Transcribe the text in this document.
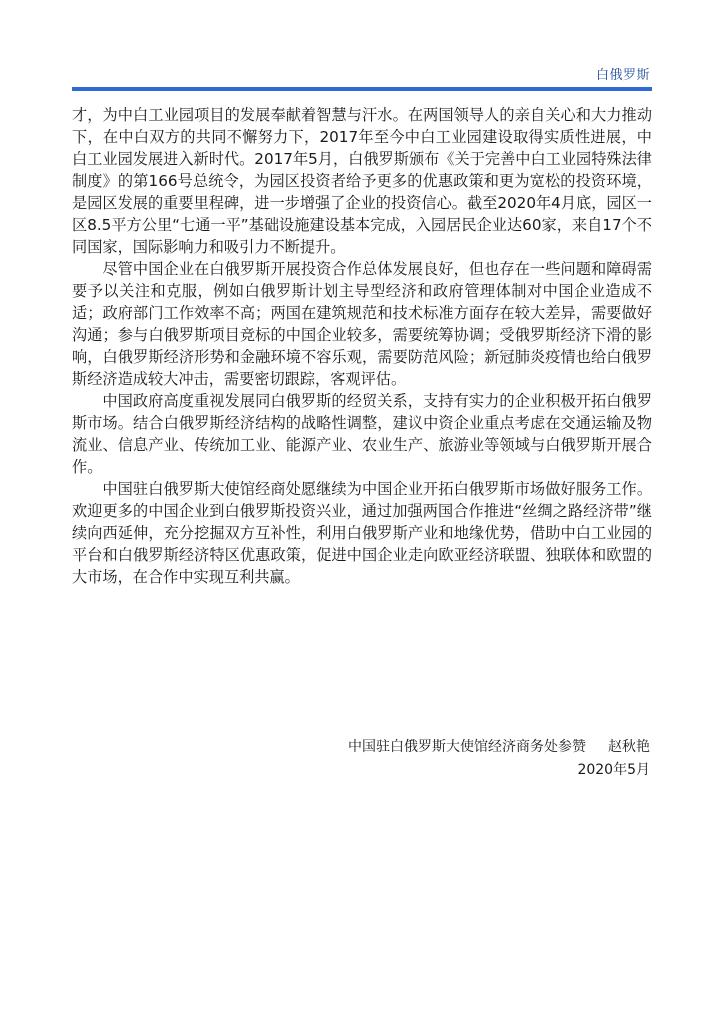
白俄罗斯

才，为中白工业园项目的发展奉献着智慧与汗水。在两国领导人的亲自关心和大力推动下，在中白双方的共同不懈努力下，2017年至今中白工业园建设取得实质性进展，中白工业园发展进入新时代。2017年5月，白俄罗斯颁布《关于完善中白工业园特殊法律制度》的第166号总统令，为园区投资者给予更多的优惠政策和更为宽松的投资环境，是园区发展的重要里程碑，进一步增强了企业的投资信心。截至2020年4月底，园区一区8.5平方公里“七通一平”基础设施建设基本完成，入园居民企业达60家，来自17个不同国家，国际影响力和吸引力不断提升。

尽管中国企业在白俄罗斯开展投资合作总体发展良好，但也存在一些问题和障碍需要予以关注和克服，例如白俄罗斯计划主导型经济和政府管理体制对中国企业造成不适；政府部门工作效率不高；两国在建筑规范和技术标准方面存在较大差异，需要做好沟通；参与白俄罗斯项目竞标的中国企业较多，需要统筹协调；受俄罗斯经济下滑的影响，白俄罗斯经济形势和金融环境不容乐观，需要防范风险；新冠肺炎疫情也给白俄罗斯经济造成较大冲击，需要密切跟踪，客观评估。

中国政府高度重视发展同白俄罗斯的经贸关系，支持有实力的企业积极开拓白俄罗斯市场。结合白俄罗斯经济结构的战略性调整，建议中资企业重点考虑在交通运输及物流业、信息产业、传统加工业、能源产业、农业生产、旅游业等领域与白俄罗斯开展合作。

中国驻白俄罗斯大使馆经商处愿继续为中国企业开拓白俄罗斯市场做好服务工作。欢迎更多的中国企业到白俄罗斯投资兴业，通过加强两国合作推进“丝绸之路经济带”继续向西延伸，充分挖掘双方互补性，利用白俄罗斯产业和地缘优势，借助中白工业园的平台和白俄罗斯经济特区优惠政策，促进中国企业走向欧亚经济联盟、独联体和欧盟的大市场，在合作中实现互利共赢。

中国驻白俄罗斯大使馆经济商务处参赞 赵秋艳
2020年5月
